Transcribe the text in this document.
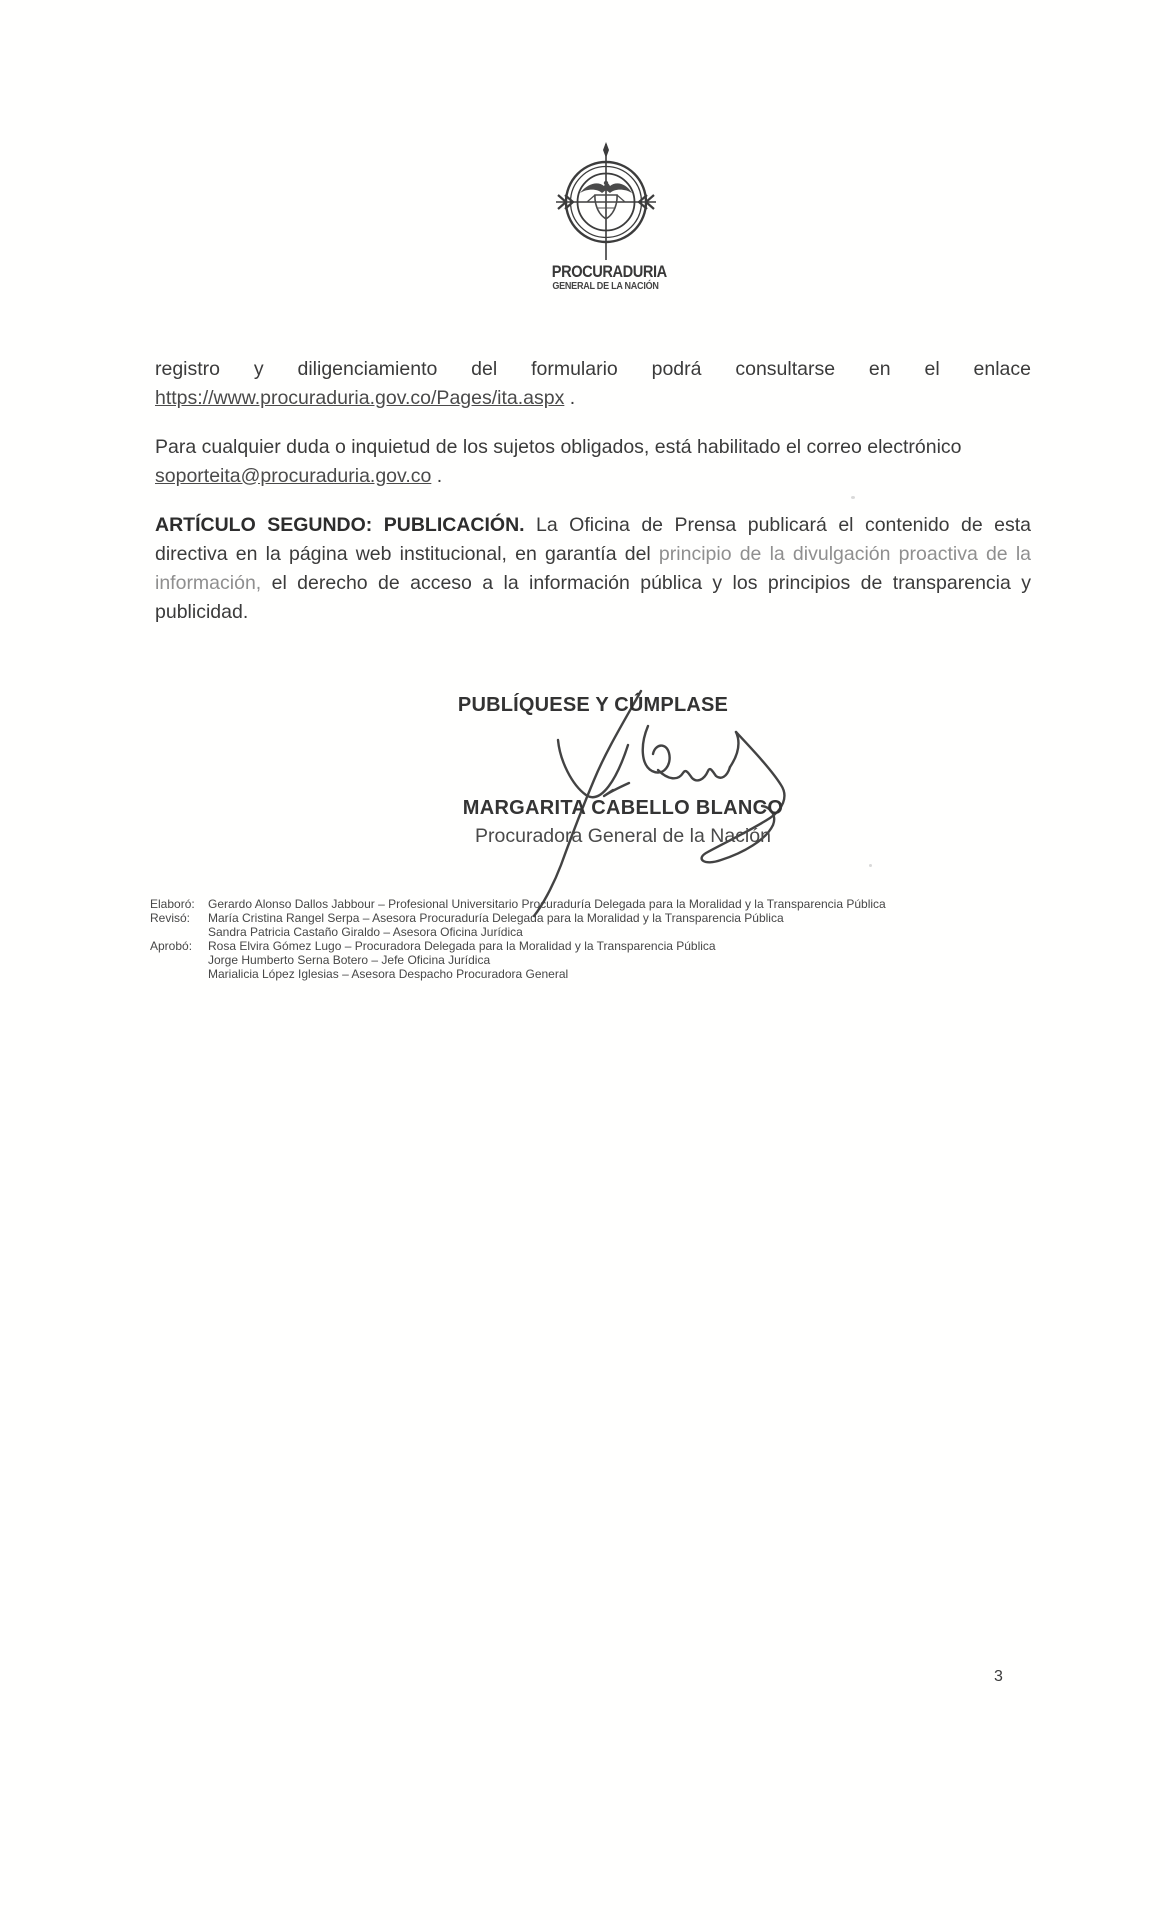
PROCURADURIA
GENERAL DE LA NACIÓN
registro y diligenciamiento del formulario podrá consultarse en el enlace
https://www.procuraduria.gov.co/Pages/ita.aspx .
Para cualquier duda o inquietud de los sujetos obligados, está habilitado el correo electrónico
soporteita@procuraduria.gov.co .
ARTÍCULO SEGUNDO: PUBLICACIÓN. La Oficina de Prensa publicará el contenido de esta directiva en la página web institucional, en garantía del principio de la divulgación proactiva de la información, el derecho de acceso a la información pública y los principios de transparencia y publicidad.
PUBLÍQUESE Y CÚMPLASE
MARGARITA CABELLO BLANCO
Procuradora General de la Nación
Elaboró:	Gerardo Alonso Dallos Jabbour – Profesional Universitario Procuraduría Delegada para la Moralidad y la Transparencia Pública
Revisó:	María Cristina Rangel Serpa – Asesora Procuraduría Delegada para la Moralidad y la Transparencia Pública
Sandra Patricia Castaño Giraldo – Asesora Oficina Jurídica
Aprobó:	Rosa Elvira Gómez Lugo – Procuradora Delegada para la Moralidad y la Transparencia Pública
Jorge Humberto Serna Botero – Jefe Oficina Jurídica
Marialicia López Iglesias – Asesora Despacho Procuradora General
3
